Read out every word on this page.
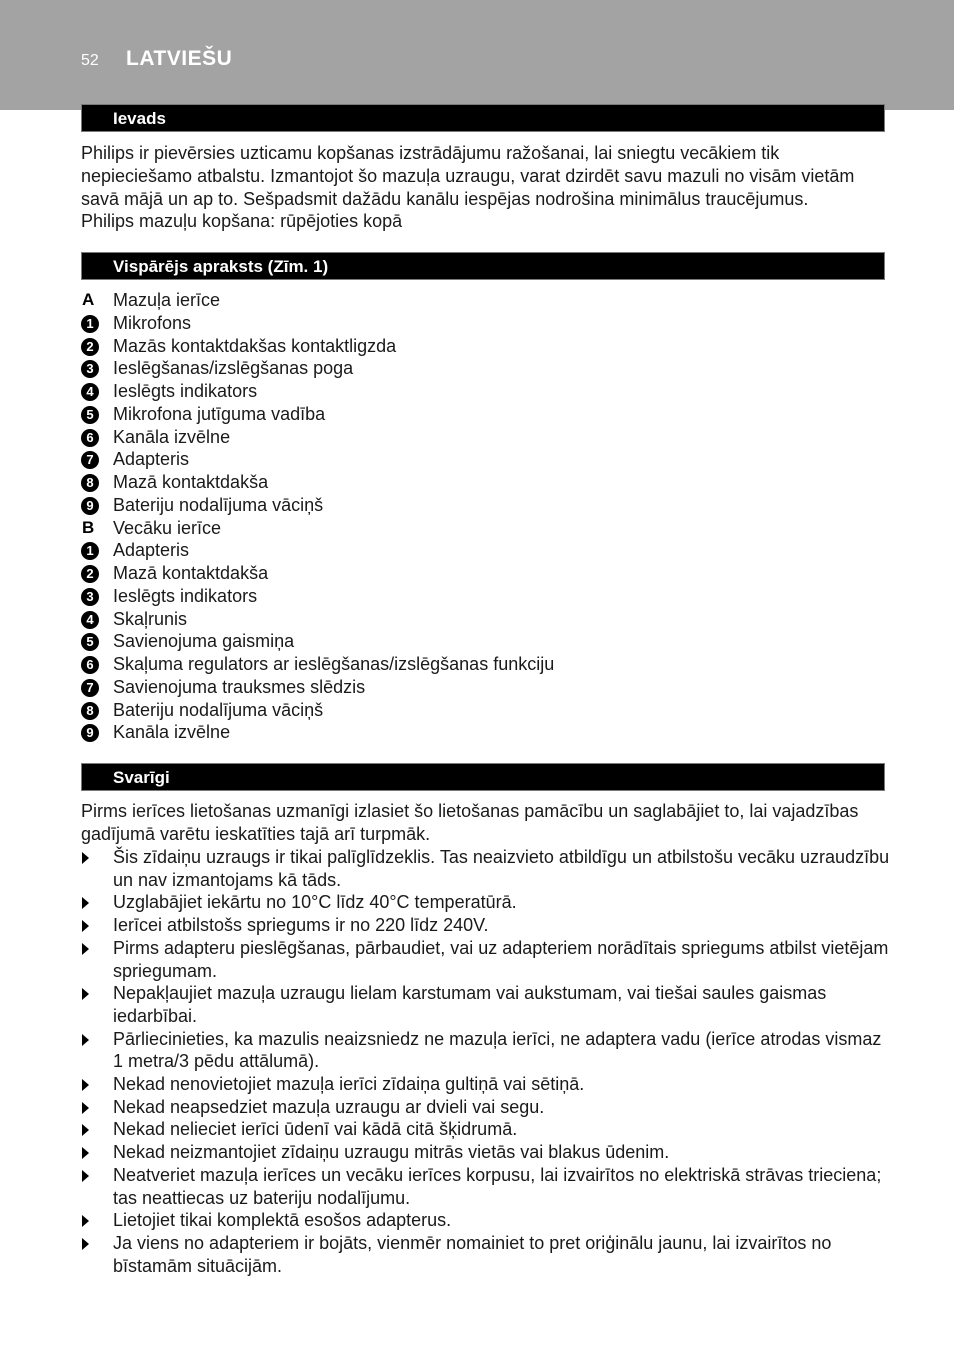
52 LATVIEŠU
Ievads

Philips ir pievērsies uzticamu kopšanas izstrādājumu ražošanai, lai sniegtu vecākiem tik nepieciešamo atbalstu. Izmantojot šo mazuļa uzraugu, varat dzirdēt savu mazuli no visām vietām savā mājā un ap to. Sešpadsmit dažādu kanālu iespējas nodrošina minimālus traucējumus.

Philips mazuļu kopšana: rūpējoties kopā

Vispārējs apraksts (Zīm. 1)
A	Mazuļa ierīce
1 Mikrofons
2 Mazās kontaktdakšas kontaktligzda
3 Ieslēgšanas/izslēgšanas poga
4 Ieslēgts indikators
5 Mikrofona jutīguma vadība
6 Kanāla izvēlne
7 Adapteris
8 Mazā kontaktdakša
9 Bateriju nodalījuma vāciņš
B	Vecāku ierīce
1 Adapteris
2 Mazā kontaktdakša
3 Ieslēgts indikators
4 Skaļrunis
5 Savienojuma gaismiņa
6 Skaļuma regulators ar ieslēgšanas/izslēgšanas funkciju
7 Savienojuma trauksmes slēdzis
8 Bateriju nodalījuma vāciņš
9 Kanāla izvēlne
Svarīgi

Pirms ierīces lietošanas uzmanīgi izlasiet šo lietošanas pamācību un saglabājiet to, lai vajadzības gadījumā varētu ieskatīties tajā arī turpmāk.

Šis zīdaiņu uzraugs ir tikai palīglīdzeklis. Tas neaizvieto atbildīgu un atbilstošu vecāku uzraudzību un nav izmantojams kā tāds.
Uzglabājiet iekārtu no 10°C līdz 40°C temperatūrā.
Ierīcei atbilstošs spriegums ir no 220 līdz 240V.
Pirms adapteru pieslēgšanas, pārbaudiet, vai uz adapteriem norādītais spriegums atbilst vietējam spriegumam.
Nepakļaujiet mazuļa uzraugu lielam karstumam vai aukstumam, vai tiešai saules gaismas iedarbībai.
Pārliecinieties, ka mazulis neaizsniedz ne mazuļa ierīci, ne adaptera vadu (ierīce atrodas vismaz 1 metra/3 pēdu attālumā).
Nekad nenovietojiet mazuļa ierīci zīdaiņa gultiņā vai sētiņā.
Nekad neapsedziet mazuļa uzraugu ar dvieli vai segu.
Nekad nelieciet ierīci ūdenī vai kādā citā šķidrumā.
Nekad neizmantojiet zīdaiņu uzraugu mitrās vietās vai blakus ūdenim.
Neatveriet mazuļa ierīces un vecāku ierīces korpusu, lai izvairītos no elektriskā strāvas trieciena; tas neattiecas uz bateriju nodalījumu.
Lietojiet tikai komplektā esošos adapterus.
Ja viens no adapteriem ir bojāts, vienmēr nomainiet to pret oriģinālu jaunu, lai izvairītos no bīstamām situācijām.
